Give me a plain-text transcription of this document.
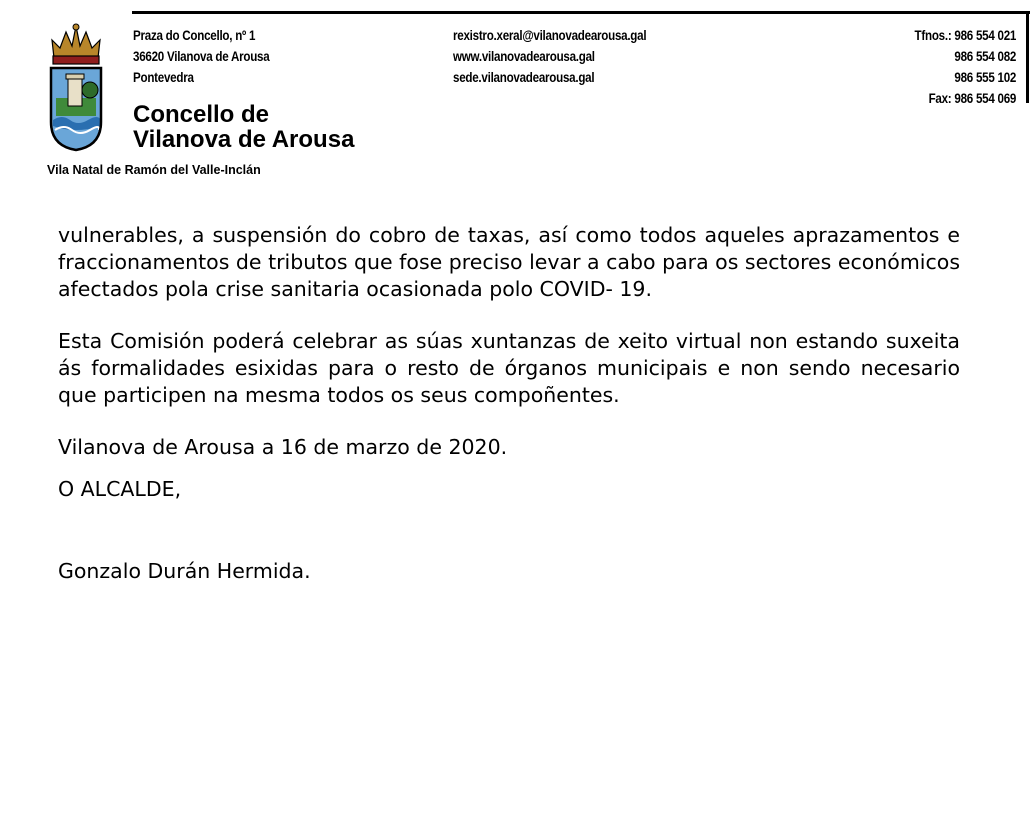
Praza do Concello, nº 1
36620 Vilanova de Arousa
Pontevedra
rexistro.xeral@vilanovadearousa.gal
www.vilanovadearousa.gal
sede.vilanovadearousa.gal
Tfnos.: 986 554 021
986 554 082
986 555 102
Fax: 986 554 069
Concello de
Vilanova de Arousa
Vila Natal de Ramón del Valle-Inclán

vulnerables, a suspensión do cobro de taxas, así como todos aqueles aprazamentos e fraccionamentos de tributos que fose preciso levar a cabo para os sectores económicos afectados pola crise sanitaria ocasionada polo COVID- 19.

Esta Comisión poderá celebrar as súas xuntanzas de xeito virtual non estando suxeita ás formalidades esixidas para o resto de órganos municipais e non sendo necesario que participen na mesma todos os seus compoñentes.

Vilanova de Arousa a 16 de marzo de 2020.

O ALCALDE,

Gonzalo Durán Hermida.
